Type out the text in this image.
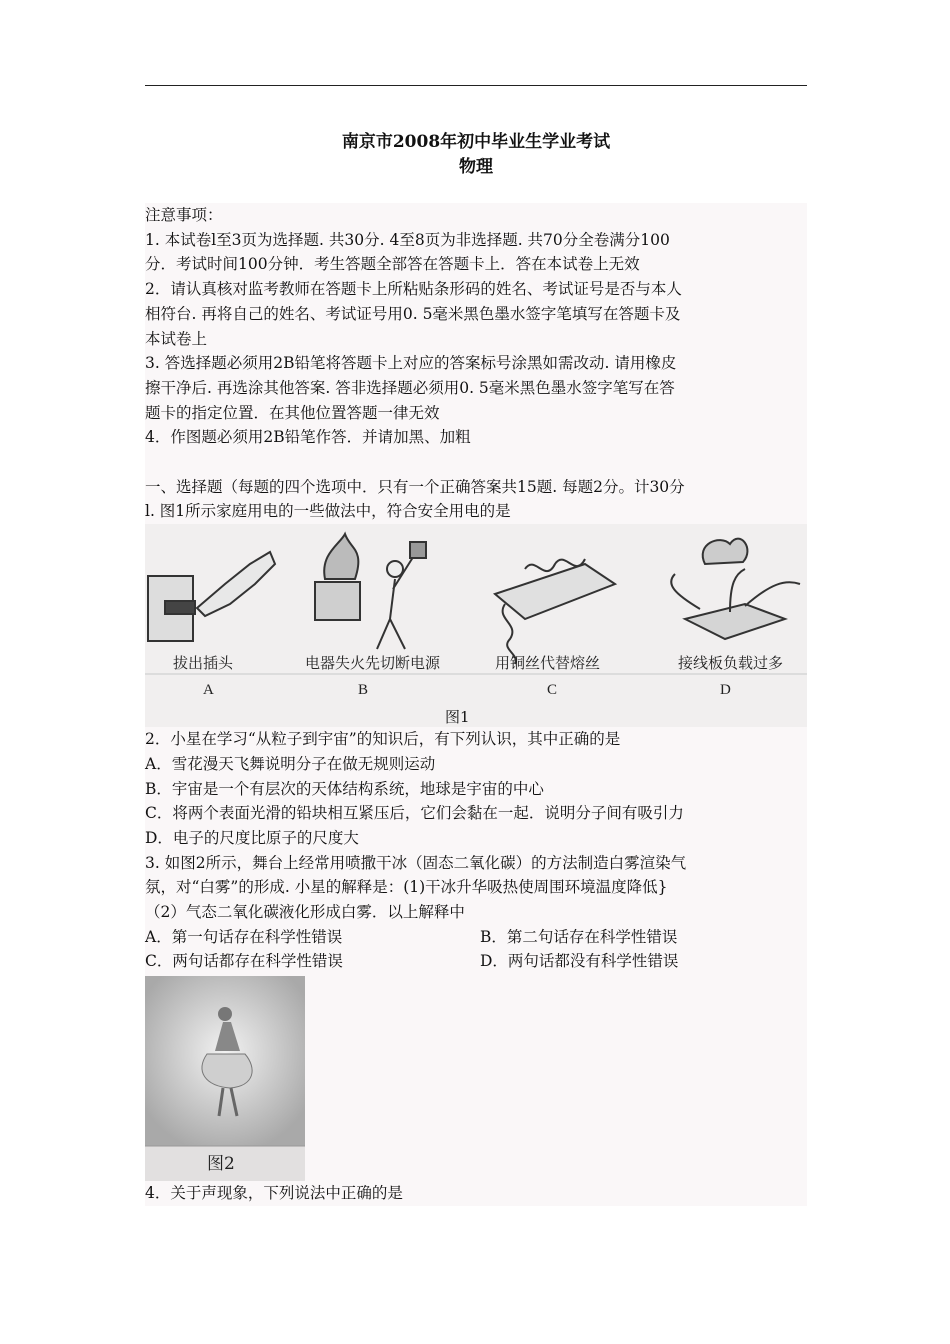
南京市2008年初中毕业生学业考试
物理

注意事项：

1. 本试卷l至3页为选择题. 共30分. 4至8页为非选择题. 共70分全卷满分100

分．考试时间100分钟．考生答题全部答在答题卡上．答在本试卷上无效

2．请认真核对监考教师在答题卡上所粘贴条形码的姓名、考试证号是否与本人

相符台. 再将自己的姓名、考试证号用0. 5毫米黑色墨水签字笔填写在答题卡及

本试卷上

3. 答选择题必须用2B铅笔将答题卡上对应的答案标号涂黑如需改动. 请用橡皮

擦干净后. 再选涂其他答案. 答非选择题必须用0. 5毫米黑色墨水签字笔写在答

题卡的指定位置．在其他位置答题一律无效

4．作图题必须用2B铅笔作答．并请加黑、加粗

一、选择题（每题的四个选项中．只有一个正确答案共15题. 每题2分。计30分

l. 图1所示家庭用电的一些做法中，符合安全用电的是

拔出插头
A
电器失火先切断电源
B
用铜丝代替熔丝
C
接线板负载过多
D
图1

2．小星在学习“从粒子到宇宙”的知识后，有下列认识，其中正确的是

A．雪花漫天飞舞说明分子在做无规则运动

B．宇宙是一个有层次的天体结构系统，地球是宇宙的中心

C．将两个表面光滑的铅块相互紧压后，它们会黏在一起．说明分子间有吸引力

D．电子的尺度比原子的尺度大

3. 如图2所示，舞台上经常用喷撒干冰（固态二氧化碳）的方法制造白雾渲染气

氛，对“白雾”的形成. 小星的解释是：(1)干冰升华吸热使周围环境温度降低}

（2）气态二氧化碳液化形成白雾．以上解释中

A．第一句话存在科学性错误	B．第二句话存在科学性错误
C．两句话都存在科学性错误	D．两句话都没有科学性错误
图2

4．关于声现象，下列说法中正确的是
